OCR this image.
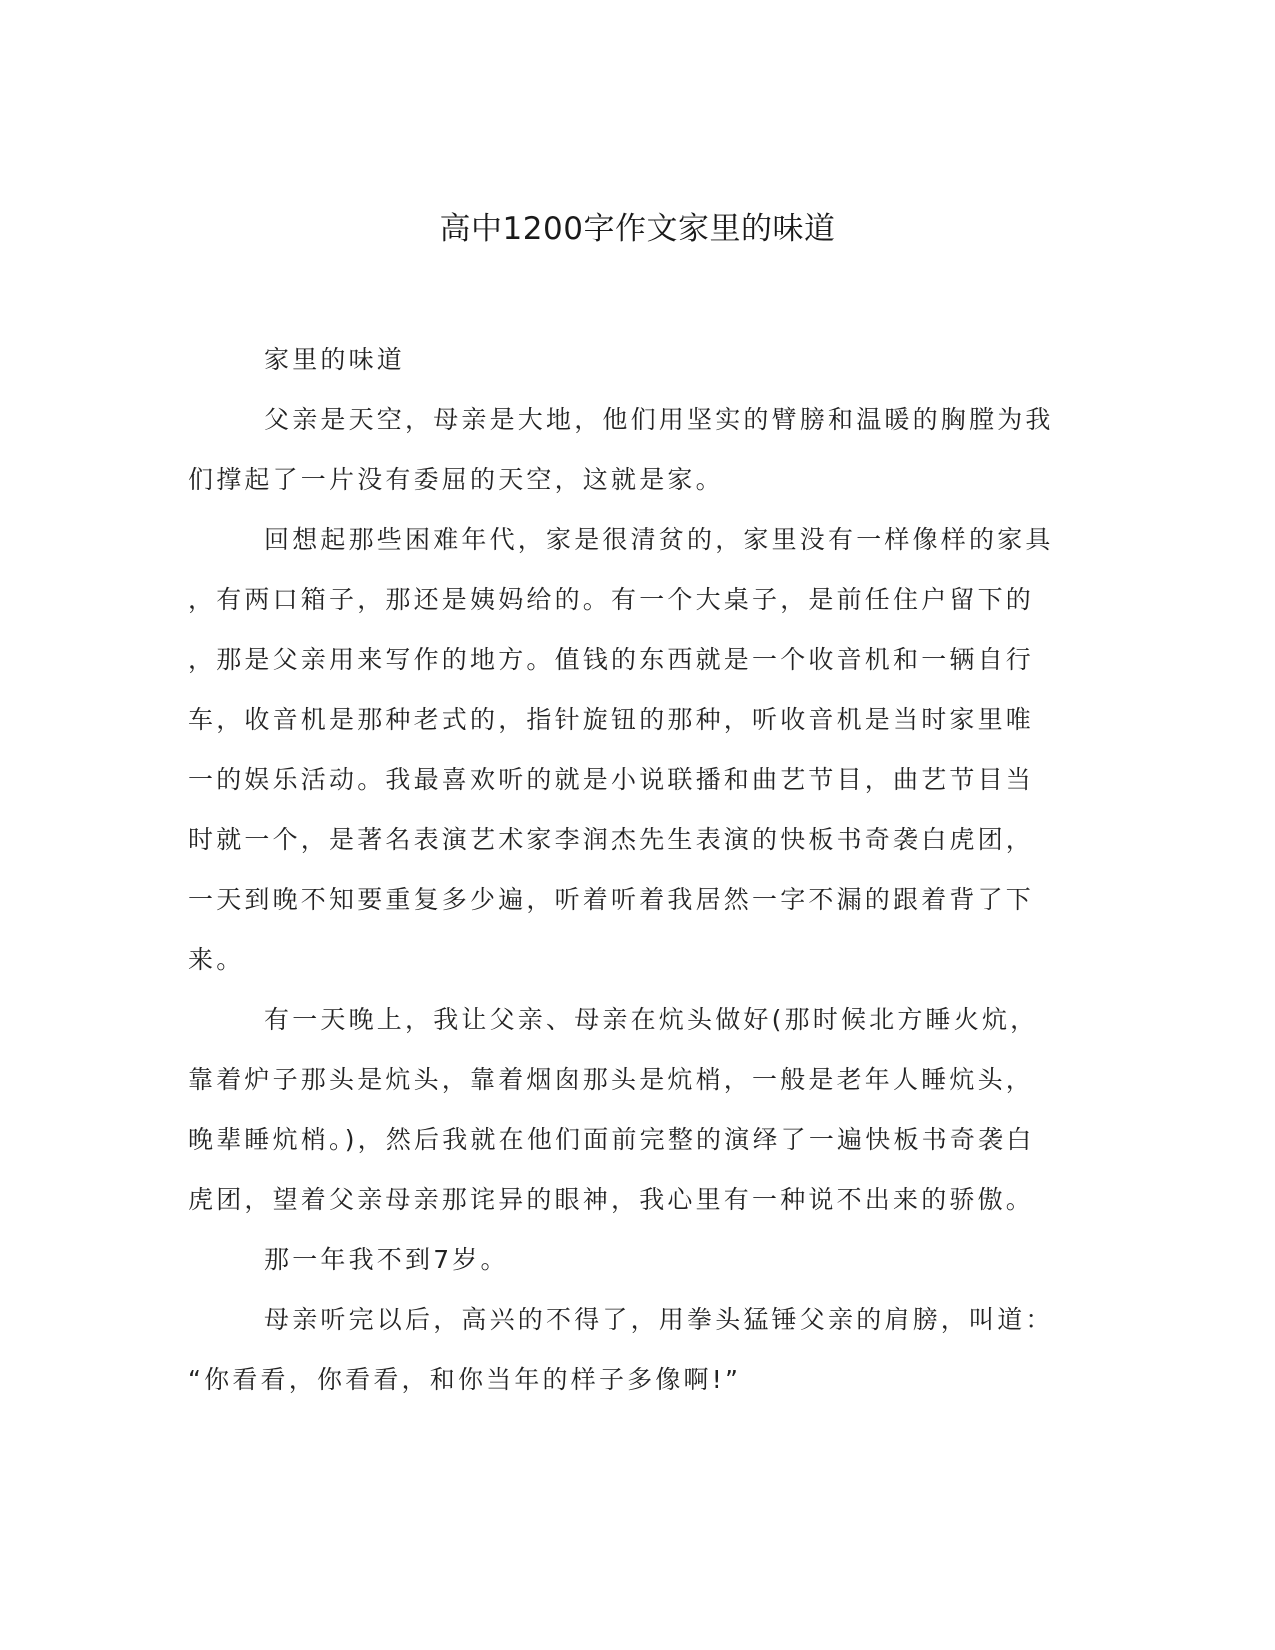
高中1200字作文家里的味道
家里的味道
父亲是天空，母亲是大地，他们用坚实的臂膀和温暖的胸膛为我
们撑起了一片没有委屈的天空，这就是家。
回想起那些困难年代，家是很清贫的，家里没有一样像样的家具
，有两口箱子，那还是姨妈给的。有一个大桌子，是前任住户留下的
，那是父亲用来写作的地方。值钱的东西就是一个收音机和一辆自行
车，收音机是那种老式的，指针旋钮的那种，听收音机是当时家里唯
一的娱乐活动。我最喜欢听的就是小说联播和曲艺节目，曲艺节目当
时就一个，是著名表演艺术家李润杰先生表演的快板书奇袭白虎团，
一天到晚不知要重复多少遍，听着听着我居然一字不漏的跟着背了下
来。
有一天晚上，我让父亲、母亲在炕头做好(那时候北方睡火炕，
靠着炉子那头是炕头，靠着烟囱那头是炕梢，一般是老年人睡炕头，
晚辈睡炕梢。)，然后我就在他们面前完整的演绎了一遍快板书奇袭白
虎团，望着父亲母亲那诧异的眼神，我心里有一种说不出来的骄傲。
那一年我不到7岁。
母亲听完以后，高兴的不得了，用拳头猛锤父亲的肩膀，叫道：
“你看看，你看看，和你当年的样子多像啊!”
